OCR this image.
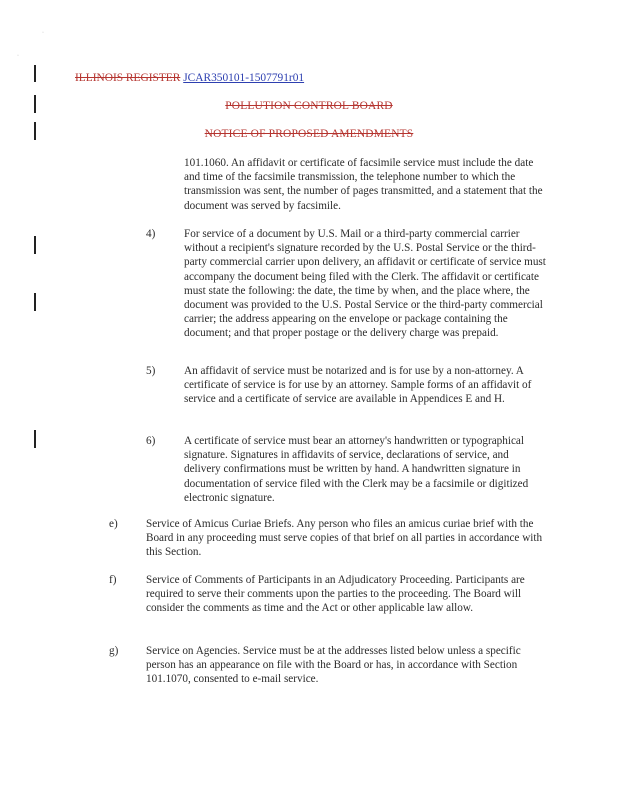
·
·
ILLINOIS REGISTER JCAR350101-1507791r01
POLLUTION CONTROL BOARD
NOTICE OF PROPOSED AMENDMENTS
101.1060. An affidavit or certificate of facsimile service must include the date and time of the facsimile transmission, the telephone number to which the transmission was sent, the number of pages transmitted, and a statement that the document was served by facsimile.
4)	For service of a document by U.S. Mail or a third-party commercial carrier without a recipient's signature recorded by the U.S. Postal Service or the third-party commercial carrier upon delivery, an affidavit or certificate of service must accompany the document being filed with the Clerk. The affidavit or certificate must state the following: the date, the time by when, and the place where, the document was provided to the U.S. Postal Service or the third-party commercial carrier; the address appearing on the envelope or package containing the document; and that proper postage or the delivery charge was prepaid.
5)	An affidavit of service must be notarized and is for use by a non-attorney. A certificate of service is for use by an attorney. Sample forms of an affidavit of service and a certificate of service are available in Appendices E and H.
6)	A certificate of service must bear an attorney's handwritten or typographical signature. Signatures in affidavits of service, declarations of service, and delivery confirmations must be written by hand. A handwritten signature in documentation of service filed with the Clerk may be a facsimile or digitized electronic signature.
e)	Service of Amicus Curiae Briefs. Any person who files an amicus curiae brief with the Board in any proceeding must serve copies of that brief on all parties in accordance with this Section.
f)	Service of Comments of Participants in an Adjudicatory Proceeding. Participants are required to serve their comments upon the parties to the proceeding. The Board will consider the comments as time and the Act or other applicable law allow.
g) Service on Agencies. Service must be at the addresses listed below unless a specific person has an appearance on file with the Board or has, in accordance with Section 101.1070, consented to e-mail service.
